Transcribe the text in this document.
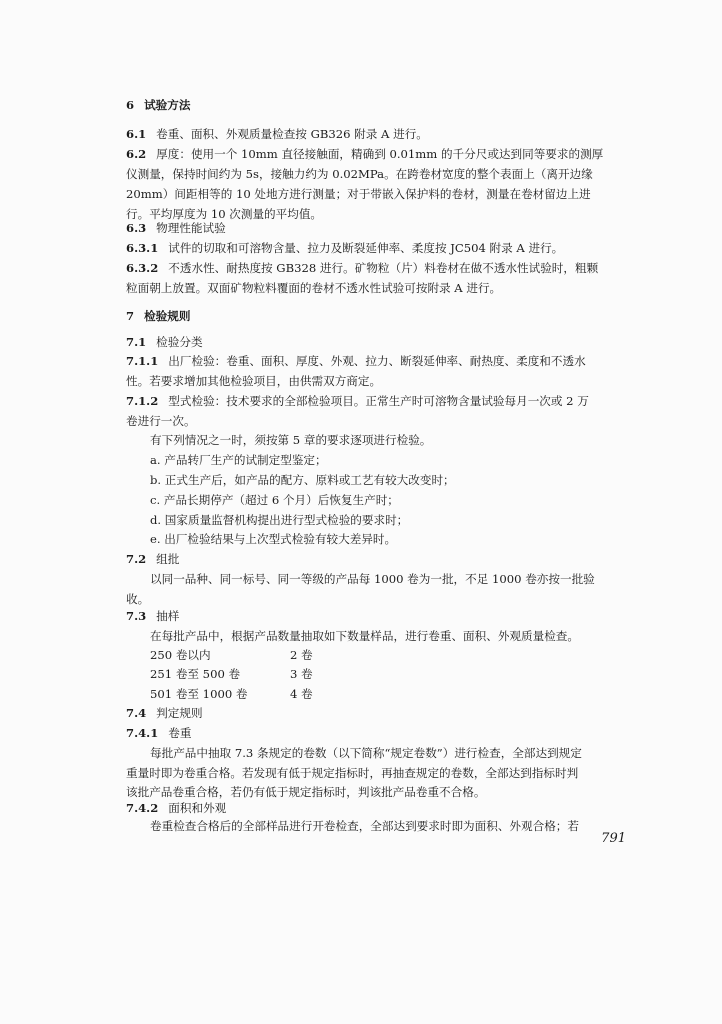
6 试验方法
6.1 卷重、面积、外观质量检查按 GB326 附录 A 进行。
6.2 厚度：使用一个 10mm 直径接触面，精确到 0.01mm 的千分尺或达到同等要求的测厚
仪测量，保持时间约为 5s，接触力约为 0.02MPa。在跨卷材宽度的整个表面上（离开边缘
20mm）间距相等的 10 处地方进行测量；对于带嵌入保护料的卷材，测量在卷材留边上进
行。平均厚度为 10 次测量的平均值。
6.3 物理性能试验
6.3.1 试件的切取和可溶物含量、拉力及断裂延伸率、柔度按 JC504 附录 A 进行。
6.3.2 不透水性、耐热度按 GB328 进行。矿物粒（片）料卷材在做不透水性试验时，粗颗
粒面朝上放置。双面矿物粒料覆面的卷材不透水性试验可按附录 A 进行。
7 检验规则
7.1 检验分类
7.1.1 出厂检验：卷重、面积、厚度、外观、拉力、断裂延伸率、耐热度、柔度和不透水
性。若要求增加其他检验项目，由供需双方商定。
7.1.2 型式检验：技术要求的全部检验项目。正常生产时可溶物含量试验每月一次或 2 万
卷进行一次。
有下列情况之一时，须按第 5 章的要求逐项进行检验。
a. 产品转厂生产的试制定型鉴定；
b. 正式生产后，如产品的配方、原料或工艺有较大改变时；
c. 产品长期停产（超过 6 个月）后恢复生产时；
d. 国家质量监督机构提出进行型式检验的要求时；
e. 出厂检验结果与上次型式检验有较大差异时。
7.2 组批
以同一品种、同一标号、同一等级的产品每 1000 卷为一批，不足 1000 卷亦按一批验
收。
7.3 抽样
在每批产品中，根据产品数量抽取如下数量样品，进行卷重、面积、外观质量检查。
250 卷以内	2 卷
251 卷至 500 卷	3 卷
501 卷至 1000 卷	4 卷
7.4 判定规则
7.4.1 卷重
每批产品中抽取 7.3 条规定的卷数（以下简称“规定卷数”）进行检查，全部达到规定
重量时即为卷重合格。若发现有低于规定指标时，再抽查规定的卷数，全部达到指标时判
该批产品卷重合格，若仍有低于规定指标时，判该批产品卷重不合格。
7.4.2 面积和外观
卷重检查合格后的全部样品进行开卷检查，全部达到要求时即为面积、外观合格；若
791
